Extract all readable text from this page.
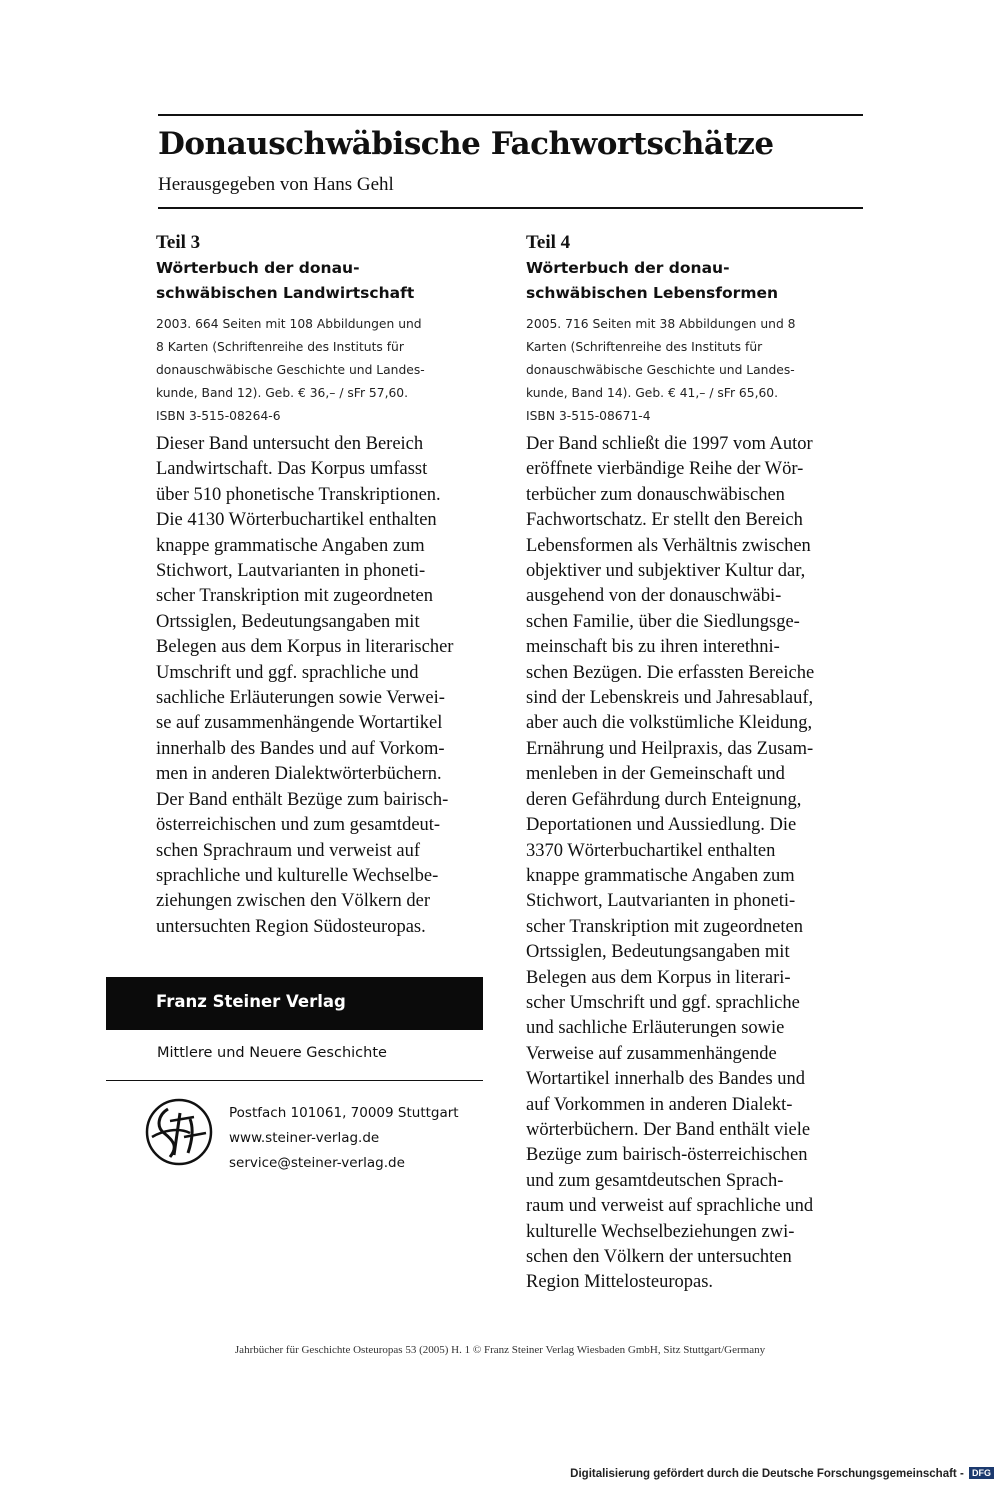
Donauschwäbische Fachwortschätze
Herausgegeben von Hans Gehl

Teil 3

Wörterbuch der donau-
schwäbischen Landwirtschaft
2003. 664 Seiten mit 108 Abbildungen und
8 Karten (Schriftenreihe des Instituts für
donauschwäbische Geschichte und Landes-
kunde, Band 12). Geb. € 36,– / sFr 57,60.
ISBN 3-515-08264-6
Dieser Band untersucht den Bereich
Landwirtschaft. Das Korpus umfasst
über 510 phonetische Transkriptionen.
Die 4130 Wörterbuchartikel enthalten
knappe grammatische Angaben zum
Stichwort, Lautvarianten in phoneti-
scher Transkription mit zugeordneten
Ortssiglen, Bedeutungsangaben mit
Belegen aus dem Korpus in literarischer
Umschrift und ggf. sprachliche und
sachliche Erläuterungen sowie Verwei-
se auf zusammenhängende Wortartikel
innerhalb des Bandes und auf Vorkom-
men in anderen Dialektwörterbüchern.
Der Band enthält Bezüge zum bairisch-
österreichischen und zum gesamtdeut-
schen Sprachraum und verweist auf
sprachliche und kulturelle Wechselbe-
ziehungen zwischen den Völkern der
untersuchten Region Südosteuropas.

Teil 4

Wörterbuch der donau-
schwäbischen Lebensformen
2005. 716 Seiten mit 38 Abbildungen und 8
Karten (Schriftenreihe des Instituts für
donauschwäbische Geschichte und Landes-
kunde, Band 14). Geb. € 41,– / sFr 65,60.
ISBN 3-515-08671-4
Der Band schließt die 1997 vom Autor
eröffnete vierbändige Reihe der Wör-
terbücher zum donauschwäbischen
Fachwortschatz. Er stellt den Bereich
Lebensformen als Verhältnis zwischen
objektiver und subjektiver Kultur dar,
ausgehend von der donauschwäbi-
schen Familie, über die Siedlungsge-
meinschaft bis zu ihren interethni-
schen Bezügen. Die erfassten Bereiche
sind der Lebenskreis und Jahresablauf,
aber auch die volkstümliche Kleidung,
Ernährung und Heilpraxis, das Zusam-
menleben in der Gemeinschaft und
deren Gefährdung durch Enteignung,
Deportationen und Aussiedlung. Die
3370 Wörterbuchartikel enthalten
knappe grammatische Angaben zum
Stichwort, Lautvarianten in phoneti-
scher Transkription mit zugeordneten
Ortssiglen, Bedeutungsangaben mit
Belegen aus dem Korpus in literari-
scher Umschrift und ggf. sprachliche
und sachliche Erläuterungen sowie
Verweise auf zusammenhängende
Wortartikel innerhalb des Bandes und
auf Vorkommen in anderen Dialekt-
wörterbüchern. Der Band enthält viele
Bezüge zum bairisch-österreichischen
und zum gesamtdeutschen Sprach-
raum und verweist auf sprachliche und
kulturelle Wechselbeziehungen zwi-
schen den Völkern der untersuchten
Region Mittelosteuropas.
Franz Steiner Verlag
Mittlere und Neuere Geschichte
Postfach 101061, 70009 Stuttgart
www.steiner-verlag.de
service@steiner-verlag.de
Jahrbücher für Geschichte Osteuropas 53 (2005) H. 1 © Franz Steiner Verlag Wiesbaden GmbH, Sitz Stuttgart/Germany
Digitalisierung gefördert durch die Deutsche Forschungsgemeinschaft - DFG
